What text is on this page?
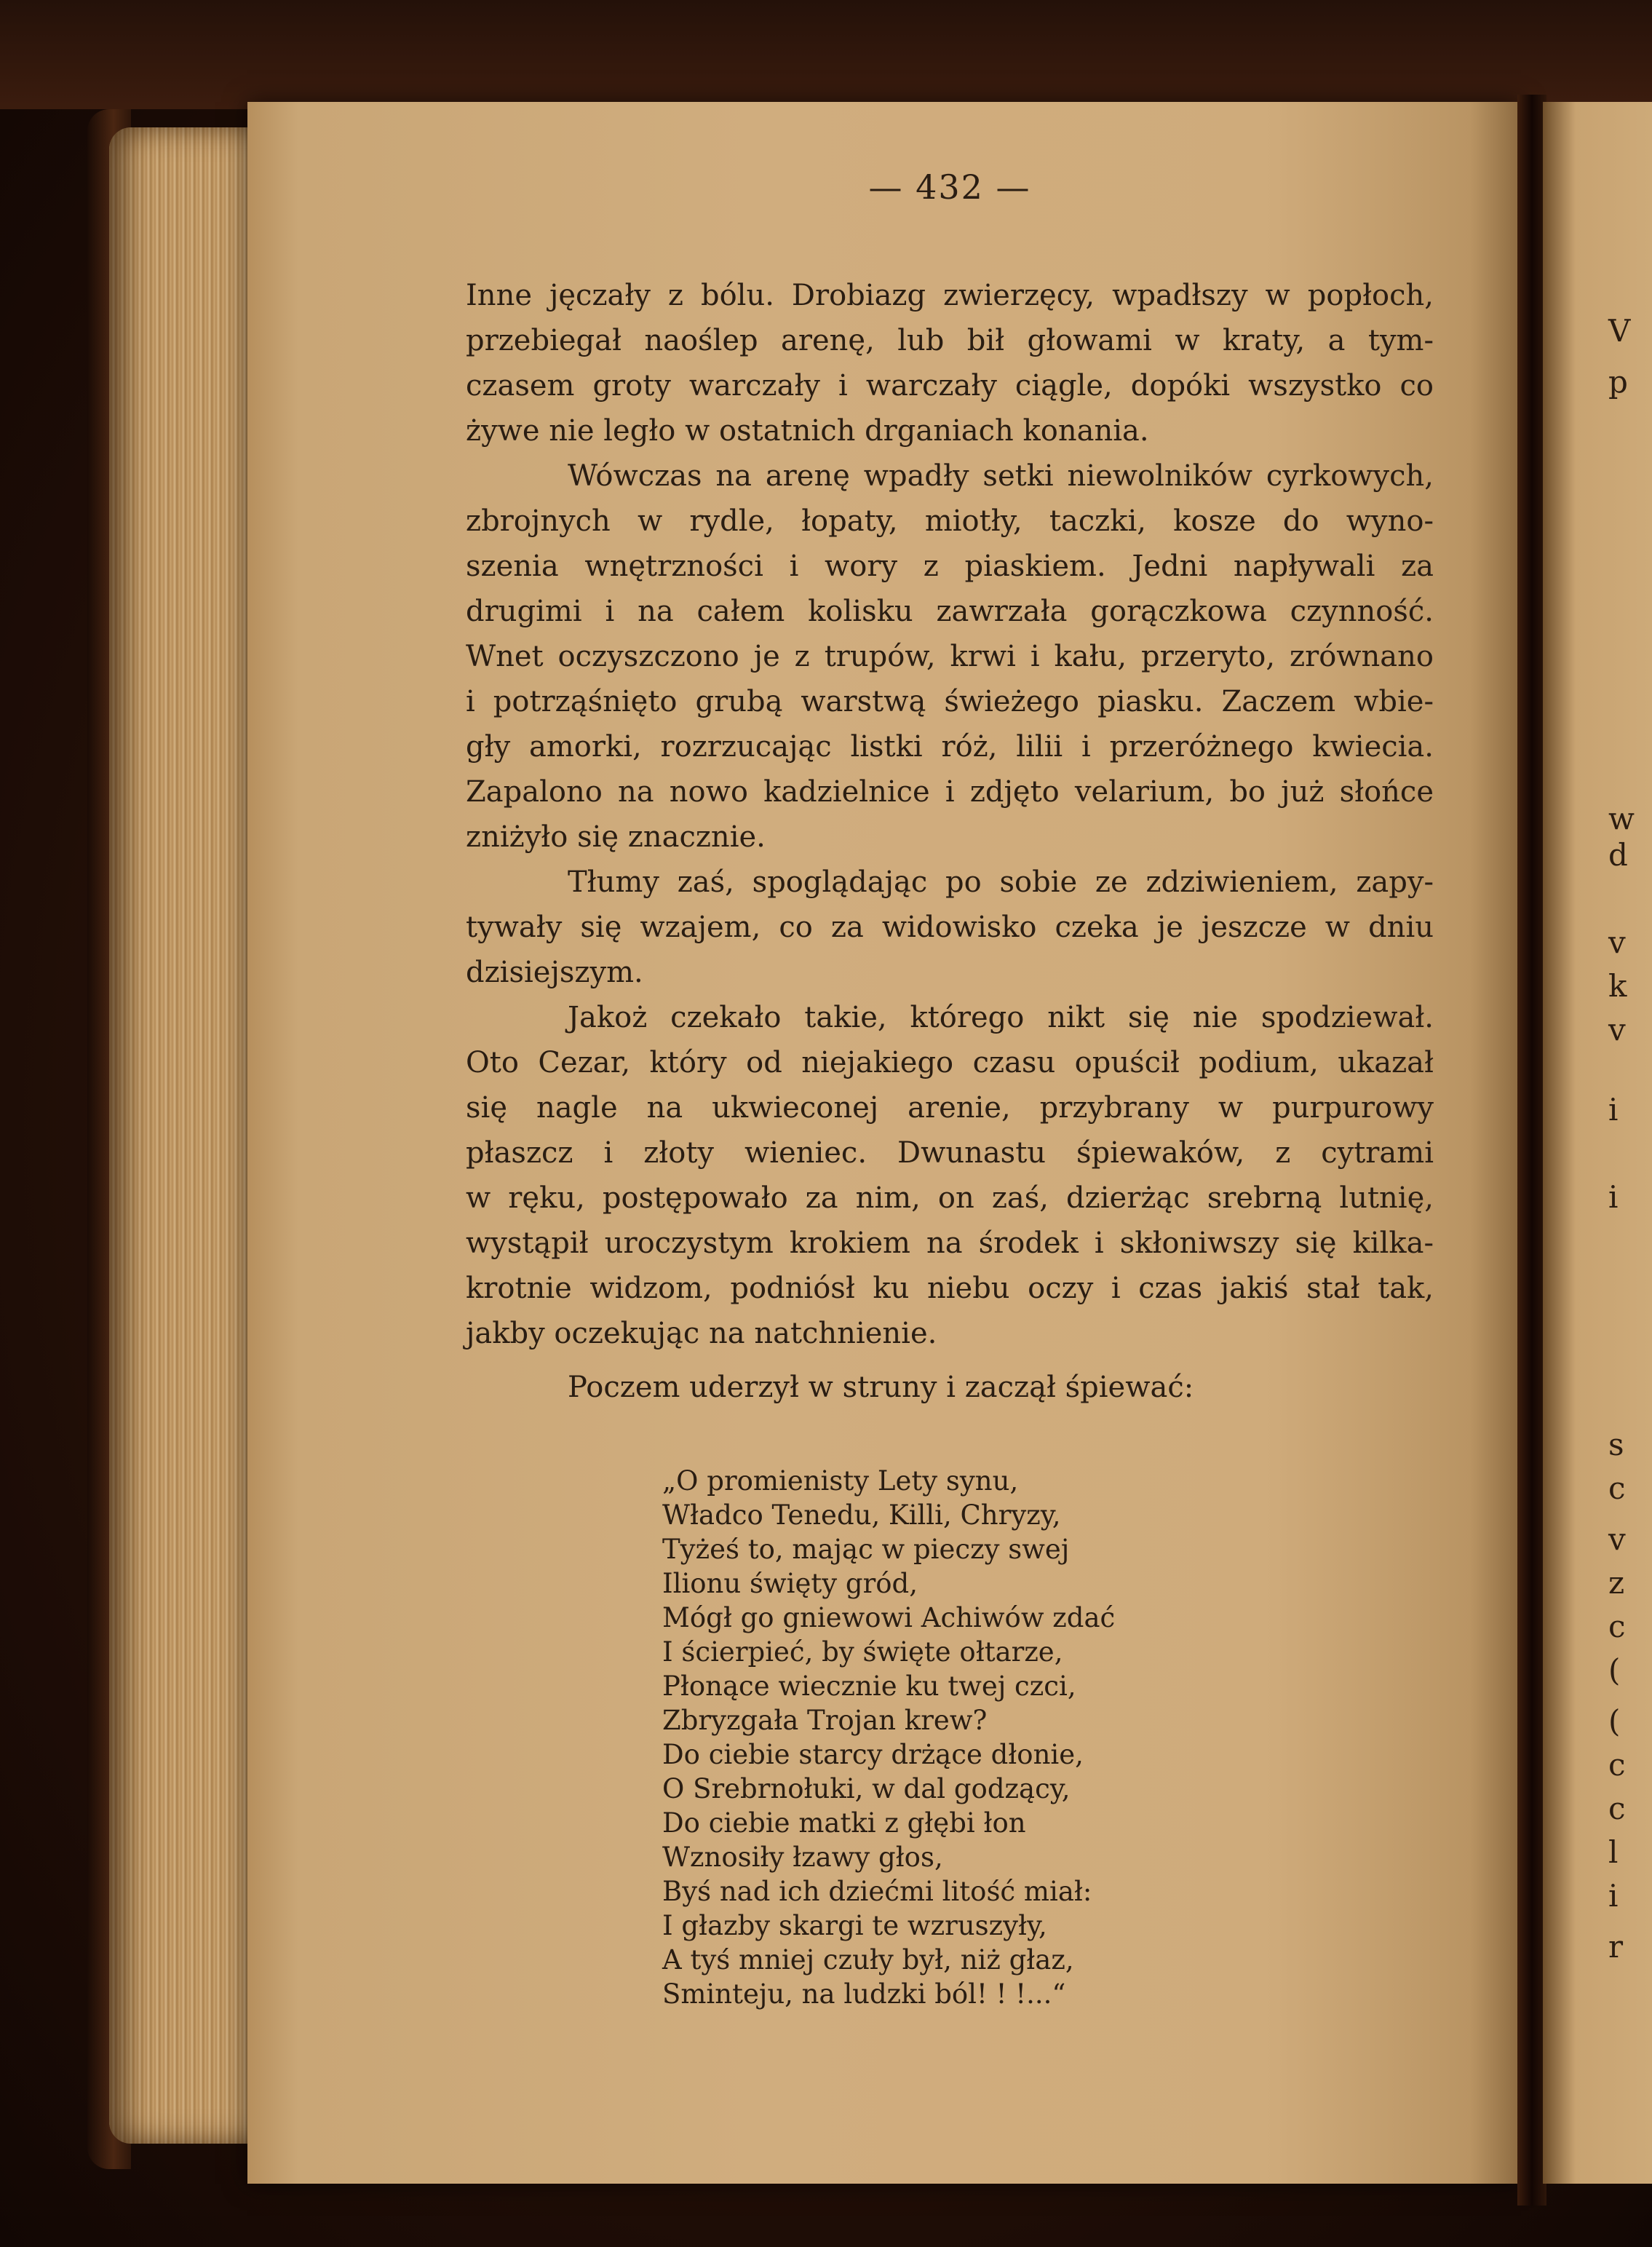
V
p
w
d
v
k
v
i
i
s
c
v
z
c
(
(
c
c
l
i
r
— 432 —
Inne jęczały z bólu. Drobiazg zwierzęcy, wpadłszy w popłoch,
przebiegał naoślep arenę, lub bił głowami w kraty, a tym-
czasem groty warczały i warczały ciągle, dopóki wszystko co
żywe nie legło w ostatnich drganiach konania.
Wówczas na arenę wpadły setki niewolników cyrkowych,
zbrojnych w rydle, łopaty, miotły, taczki, kosze do wyno-
szenia wnętrzności i wory z piaskiem. Jedni napływali za
drugimi i na całem kolisku zawrzała gorączkowa czynność.
Wnet oczyszczono je z trupów, krwi i kału, przeryto, zrównano
i potrząśnięto grubą warstwą świeżego piasku. Zaczem wbie-
gły amorki, rozrzucając listki róż, lilii i przeróżnego kwiecia.
Zapalono na nowo kadzielnice i zdjęto velarium, bo już słońce
zniżyło się znacznie.
Tłumy zaś, spoglądając po sobie ze zdziwieniem, zapy-
tywały się wzajem, co za widowisko czeka je jeszcze w dniu
dzisiejszym.
Jakoż czekało takie, którego nikt się nie spodziewał.
Oto Cezar, który od niejakiego czasu opuścił podium, ukazał
się nagle na ukwieconej arenie, przybrany w purpurowy
płaszcz i złoty wieniec. Dwunastu śpiewaków, z cytrami
w ręku, postępowało za nim, on zaś, dzierżąc srebrną lutnię,
wystąpił uroczystym krokiem na środek i skłoniwszy się kilka-
krotnie widzom, podniósł ku niebu oczy i czas jakiś stał tak,
jakby oczekując na natchnienie.
Poczem uderzył w struny i zaczął śpiewać:
„O promienisty Lety synu,
Władco Tenedu, Killi, Chryzy,
Tyżeś to, mając w pieczy swej
Ilionu święty gród,
Mógł go gniewowi Achiwów zdać
I ścierpieć, by święte ołtarze,
Płonące wiecznie ku twej czci,
Zbryzgała Trojan krew?
Do ciebie starcy drżące dłonie,
O Srebrnołuki, w dal godzący,
Do ciebie matki z głębi łon
Wznosiły łzawy głos,
Byś nad ich dziećmi litość miał:
I głazby skargi te wzruszyły,
A tyś mniej czuły był, niż głaz,
Sminteju, na ludzki ból! ! !...“
